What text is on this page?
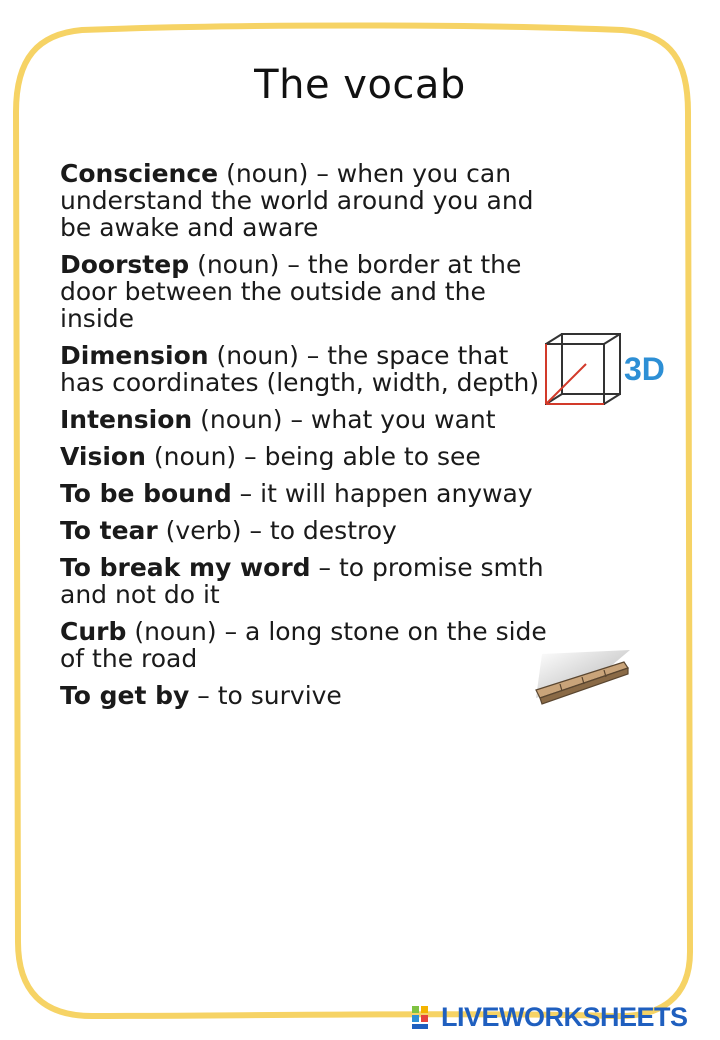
The vocab
Conscience (noun) – when you can understand the world around you and be awake and aware
Doorstep (noun) – the border at the door between the outside and the inside
Dimension (noun) – the space that has coordinates (length, width, depth)
Intension (noun) – what you want
Vision (noun) – being able to see
To be bound – it will happen anyway
To tear (verb) – to destroy
To break my word – to promise smth and not do it
Curb (noun) – a long stone on the side of the road
To get by – to survive
3D
LIVEWORKSHEETS
